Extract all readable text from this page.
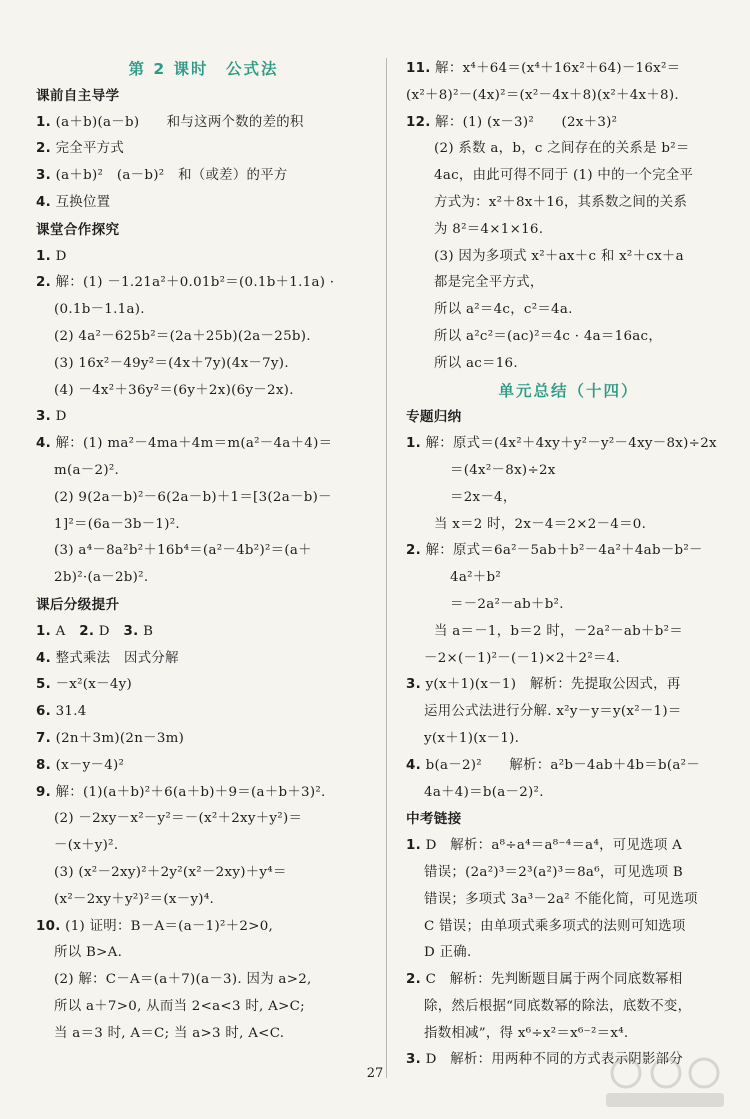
第 2 课时　公式法
课前自主导学
1. (a＋b)(a－b)　　和与这两个数的差的积
2. 完全平方式
3. (a＋b)²　(a－b)²　和（或差）的平方
4. 互换位置
课堂合作探究
1. D
2. 解：(1) －1.21a²＋0.01b²＝(0.1b＋1.1a) ·
(0.1b－1.1a).
(2) 4a²－625b²＝(2a＋25b)(2a－25b).
(3) 16x²－49y²＝(4x＋7y)(4x－7y).
(4) －4x²＋36y²＝(6y＋2x)(6y－2x).
3. D
4. 解：(1) ma²－4ma＋4m＝m(a²－4a＋4)＝
m(a－2)².
(2) 9(2a－b)²－6(2a－b)＋1＝[3(2a－b)－
1]²＝(6a－3b－1)².
(3) a⁴－8a²b²＋16b⁴＝(a²－4b²)²＝(a＋
2b)²·(a－2b)².
课后分级提升
1. A　2. D　3. B
4. 整式乘法　因式分解
5. －x²(x－4y)
6. 31.4
7. (2n＋3m)(2n－3m)
8. (x－y－4)²
9. 解：(1)(a＋b)²＋6(a＋b)＋9＝(a＋b＋3)².
(2) －2xy－x²－y²＝－(x²＋2xy＋y²)＝
－(x＋y)².
(3) (x²－2xy)²＋2y²(x²－2xy)＋y⁴＝
(x²－2xy＋y²)²＝(x－y)⁴.
10. (1) 证明：B－A＝(a－1)²＋2>0,
所以 B>A.
(2) 解：C－A＝(a＋7)(a－3). 因为 a>2,
所以 a＋7>0, 从而当 2<a<3 时, A>C;
当 a＝3 时, A＝C; 当 a>3 时, A<C.
11. 解：x⁴＋64＝(x⁴＋16x²＋64)－16x²＝
(x²＋8)²－(4x)²＝(x²－4x＋8)(x²＋4x＋8).
12. 解：(1) (x－3)²　　(2x＋3)²
(2) 系数 a，b，c 之间存在的关系是 b²＝
4ac，由此可得不同于 (1) 中的一个完全平
方式为：x²＋8x＋16，其系数之间的关系
为 8²＝4×1×16.
(3) 因为多项式 x²＋ax＋c 和 x²＋cx＋a
都是完全平方式，
所以 a²＝4c，c²＝4a.
所以 a²c²＝(ac)²＝4c · 4a＝16ac，
所以 ac＝16.
单元总结（十四）
专题归纳
1. 解：原式＝(4x²＋4xy＋y²－y²－4xy－8x)÷2x
＝(4x²－8x)÷2x
＝2x－4，
当 x＝2 时，2x－4＝2×2－4＝0.
2. 解：原式＝6a²－5ab＋b²－4a²＋4ab－b²－
4a²＋b²
＝－2a²－ab＋b².
当 a＝－1，b＝2 时，－2a²－ab＋b²＝
－2×(－1)²－(－1)×2＋2²＝4.
3. y(x＋1)(x－1)　解析：先提取公因式，再
运用公式法进行分解. x²y－y＝y(x²－1)＝
y(x＋1)(x－1).
4. b(a－2)²　　解析：a²b－4ab＋4b＝b(a²－
4a＋4)＝b(a－2)².
中考链接
1. D　解析：a⁸÷a⁴＝a⁸⁻⁴＝a⁴，可见选项 A
错误；(2a²)³＝2³(a²)³＝8a⁶，可见选项 B
错误；多项式 3a³－2a² 不能化简，可见选项
C 错误；由单项式乘多项式的法则可知选项
D 正确.
2. C　解析：先判断题目属于两个同底数幂相
除，然后根据“同底数幂的除法，底数不变，
指数相减”，得 x⁶÷x²＝x⁶⁻²＝x⁴.
3. D　解析：用两种不同的方式表示阴影部分
27
